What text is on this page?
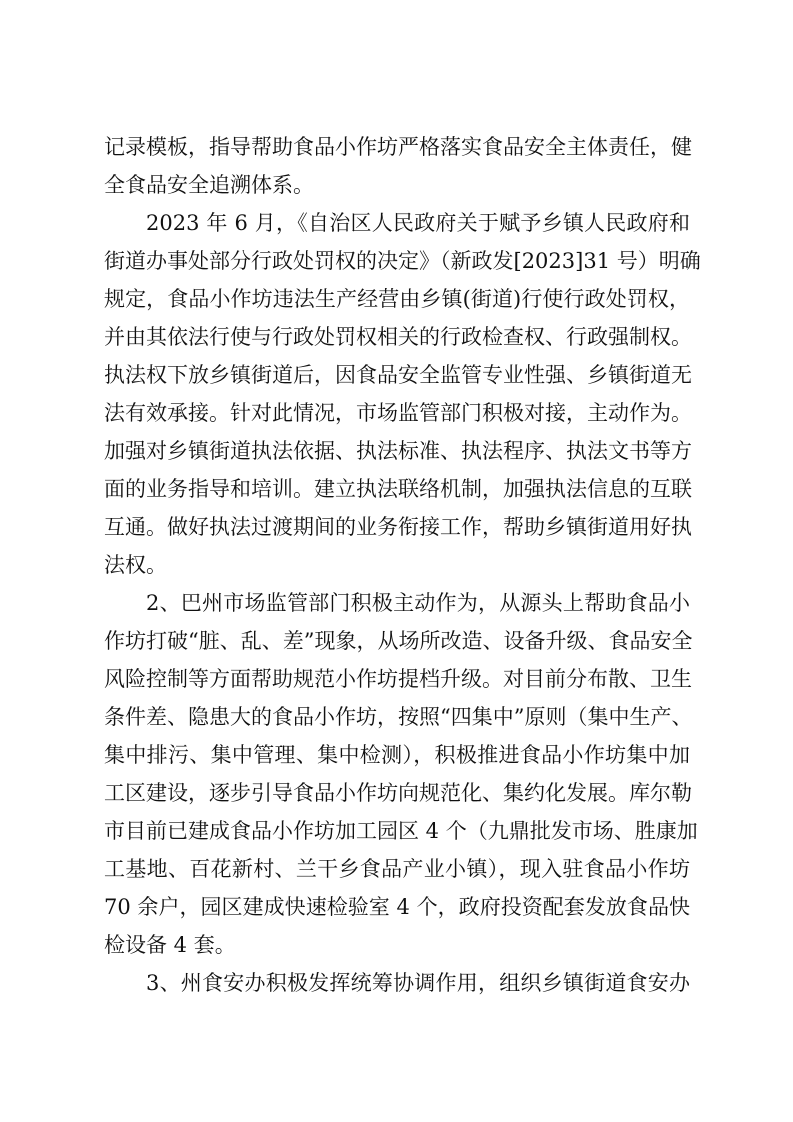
记录模板，指导帮助食品小作坊严格落实食品安全主体责任，健
全食品安全追溯体系。
2023 年 6 月，《自治区人民政府关于赋予乡镇人民政府和
街道办事处部分行政处罚权的决定》（新政发[2023]31 号）明确
规定，食品小作坊违法生产经营由乡镇(街道)行使行政处罚权，
并由其依法行使与行政处罚权相关的行政检查权、行政强制权。
执法权下放乡镇街道后，因食品安全监管专业性强、乡镇街道无
法有效承接。针对此情况，市场监管部门积极对接，主动作为。
加强对乡镇街道执法依据、执法标准、执法程序、执法文书等方
面的业务指导和培训。建立执法联络机制，加强执法信息的互联
互通。做好执法过渡期间的业务衔接工作，帮助乡镇街道用好执
法权。
2、巴州市场监管部门积极主动作为，从源头上帮助食品小
作坊打破“脏、乱、差”现象，从场所改造、设备升级、食品安全
风险控制等方面帮助规范小作坊提档升级。对目前分布散、卫生
条件差、隐患大的食品小作坊，按照“四集中”原则（集中生产、
集中排污、集中管理、集中检测），积极推进食品小作坊集中加
工区建设，逐步引导食品小作坊向规范化、集约化发展。库尔勒
市目前已建成食品小作坊加工园区 4 个（九鼎批发市场、胜康加
工基地、百花新村、兰干乡食品产业小镇），现入驻食品小作坊
70 余户，园区建成快速检验室 4 个，政府投资配套发放食品快
检设备 4 套。
3、州食安办积极发挥统筹协调作用，组织乡镇街道食安办
